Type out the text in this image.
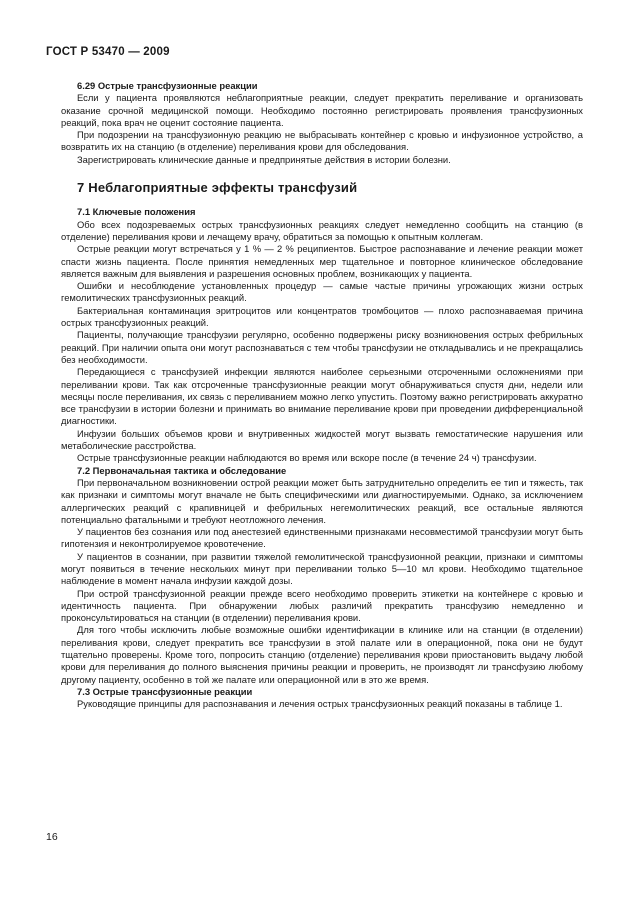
ГОСТ Р 53470 — 2009
6.29 Острые трансфузионные реакции

Если у пациента проявляются неблагоприятные реакции, следует прекратить переливание и организовать оказание срочной медицинской помощи. Необходимо постоянно регистрировать проявления трансфузионных реакций, пока врач не оценит состояние пациента.

При подозрении на трансфузионную реакцию не выбрасывать контейнер с кровью и инфузионное устройство, а возвратить их на станцию (в отделение) переливания крови для обследования.

Зарегистрировать клинические данные и предпринятые действия в истории болезни.

7 Неблагоприятные эффекты трансфузий
7.1 Ключевые положения

Обо всех подозреваемых острых трансфузионных реакциях следует немедленно сообщить на станцию (в отделение) переливания крови и лечащему врачу, обратиться за помощью к опытным коллегам.

Острые реакции могут встречаться у 1 % — 2 % реципиентов. Быстрое распознавание и лечение реакции может спасти жизнь пациента. После принятия немедленных мер тщательное и повторное клиническое обследование является важным для выявления и разрешения основных проблем, возникающих у пациента.

Ошибки и несоблюдение установленных процедур — самые частые причины угрожающих жизни острых гемолитических трансфузионных реакций.

Бактериальная контаминация эритроцитов или концентратов тромбоцитов — плохо распознаваемая причина острых трансфузионных реакций.

Пациенты, получающие трансфузии регулярно, особенно подвержены риску возникновения острых фебрильных реакций. При наличии опыта они могут распознаваться с тем чтобы трансфузии не откладывались и не прекращались без необходимости.

Передающиеся с трансфузией инфекции являются наиболее серьезными отсроченными осложнениями при переливании крови. Так как отсроченные трансфузионные реакции могут обнаруживаться спустя дни, недели или месяцы после переливания, их связь с переливанием можно легко упустить. Поэтому важно регистрировать аккуратно все трансфузии в истории болезни и принимать во внимание переливание крови при проведении дифференциальной диагностики.

Инфузии больших объемов крови и внутривенных жидкостей могут вызвать гемостатические нарушения или метаболические расстройства.

Острые трансфузионные реакции наблюдаются во время или вскоре после (в течение 24 ч) трансфузии.

7.2 Первоначальная тактика и обследование

При первоначальном возникновении острой реакции может быть затруднительно определить ее тип и тяжесть, так как признаки и симптомы могут вначале не быть специфическими или диагностируемыми. Однако, за исключением аллергических реакций с крапивницей и фебрильных негемолитических реакций, все остальные являются потенциально фатальными и требуют неотложного лечения.

У пациентов без сознания или под анестезией единственными признаками несовместимой трансфузии могут быть гипотензия и неконтролируемое кровотечение.

У пациентов в сознании, при развитии тяжелой гемолитической трансфузионной реакции, признаки и симптомы могут появиться в течение нескольких минут при переливании только 5—10 мл крови. Необходимо тщательное наблюдение в момент начала инфузии каждой дозы.

При острой трансфузионной реакции прежде всего необходимо проверить этикетки на контейнере с кровью и идентичность пациента. При обнаружении любых различий прекратить трансфузию немедленно и проконсультироваться на станции (в отделении) переливания крови.

Для того чтобы исключить любые возможные ошибки идентификации в клинике или на станции (в отделении) переливания крови, следует прекратить все трансфузии в этой палате или в операционной, пока они не будут тщательно проверены. Кроме того, попросить станцию (отделение) переливания крови приостановить выдачу любой крови для переливания до полного выяснения причины реакции и проверить, не производят ли трансфузию любому другому пациенту, особенно в той же палате или операционной или в это же время.

7.3 Острые трансфузионные реакции

Руководящие принципы для распознавания и лечения острых трансфузионных реакций показаны в таблице 1.

16
